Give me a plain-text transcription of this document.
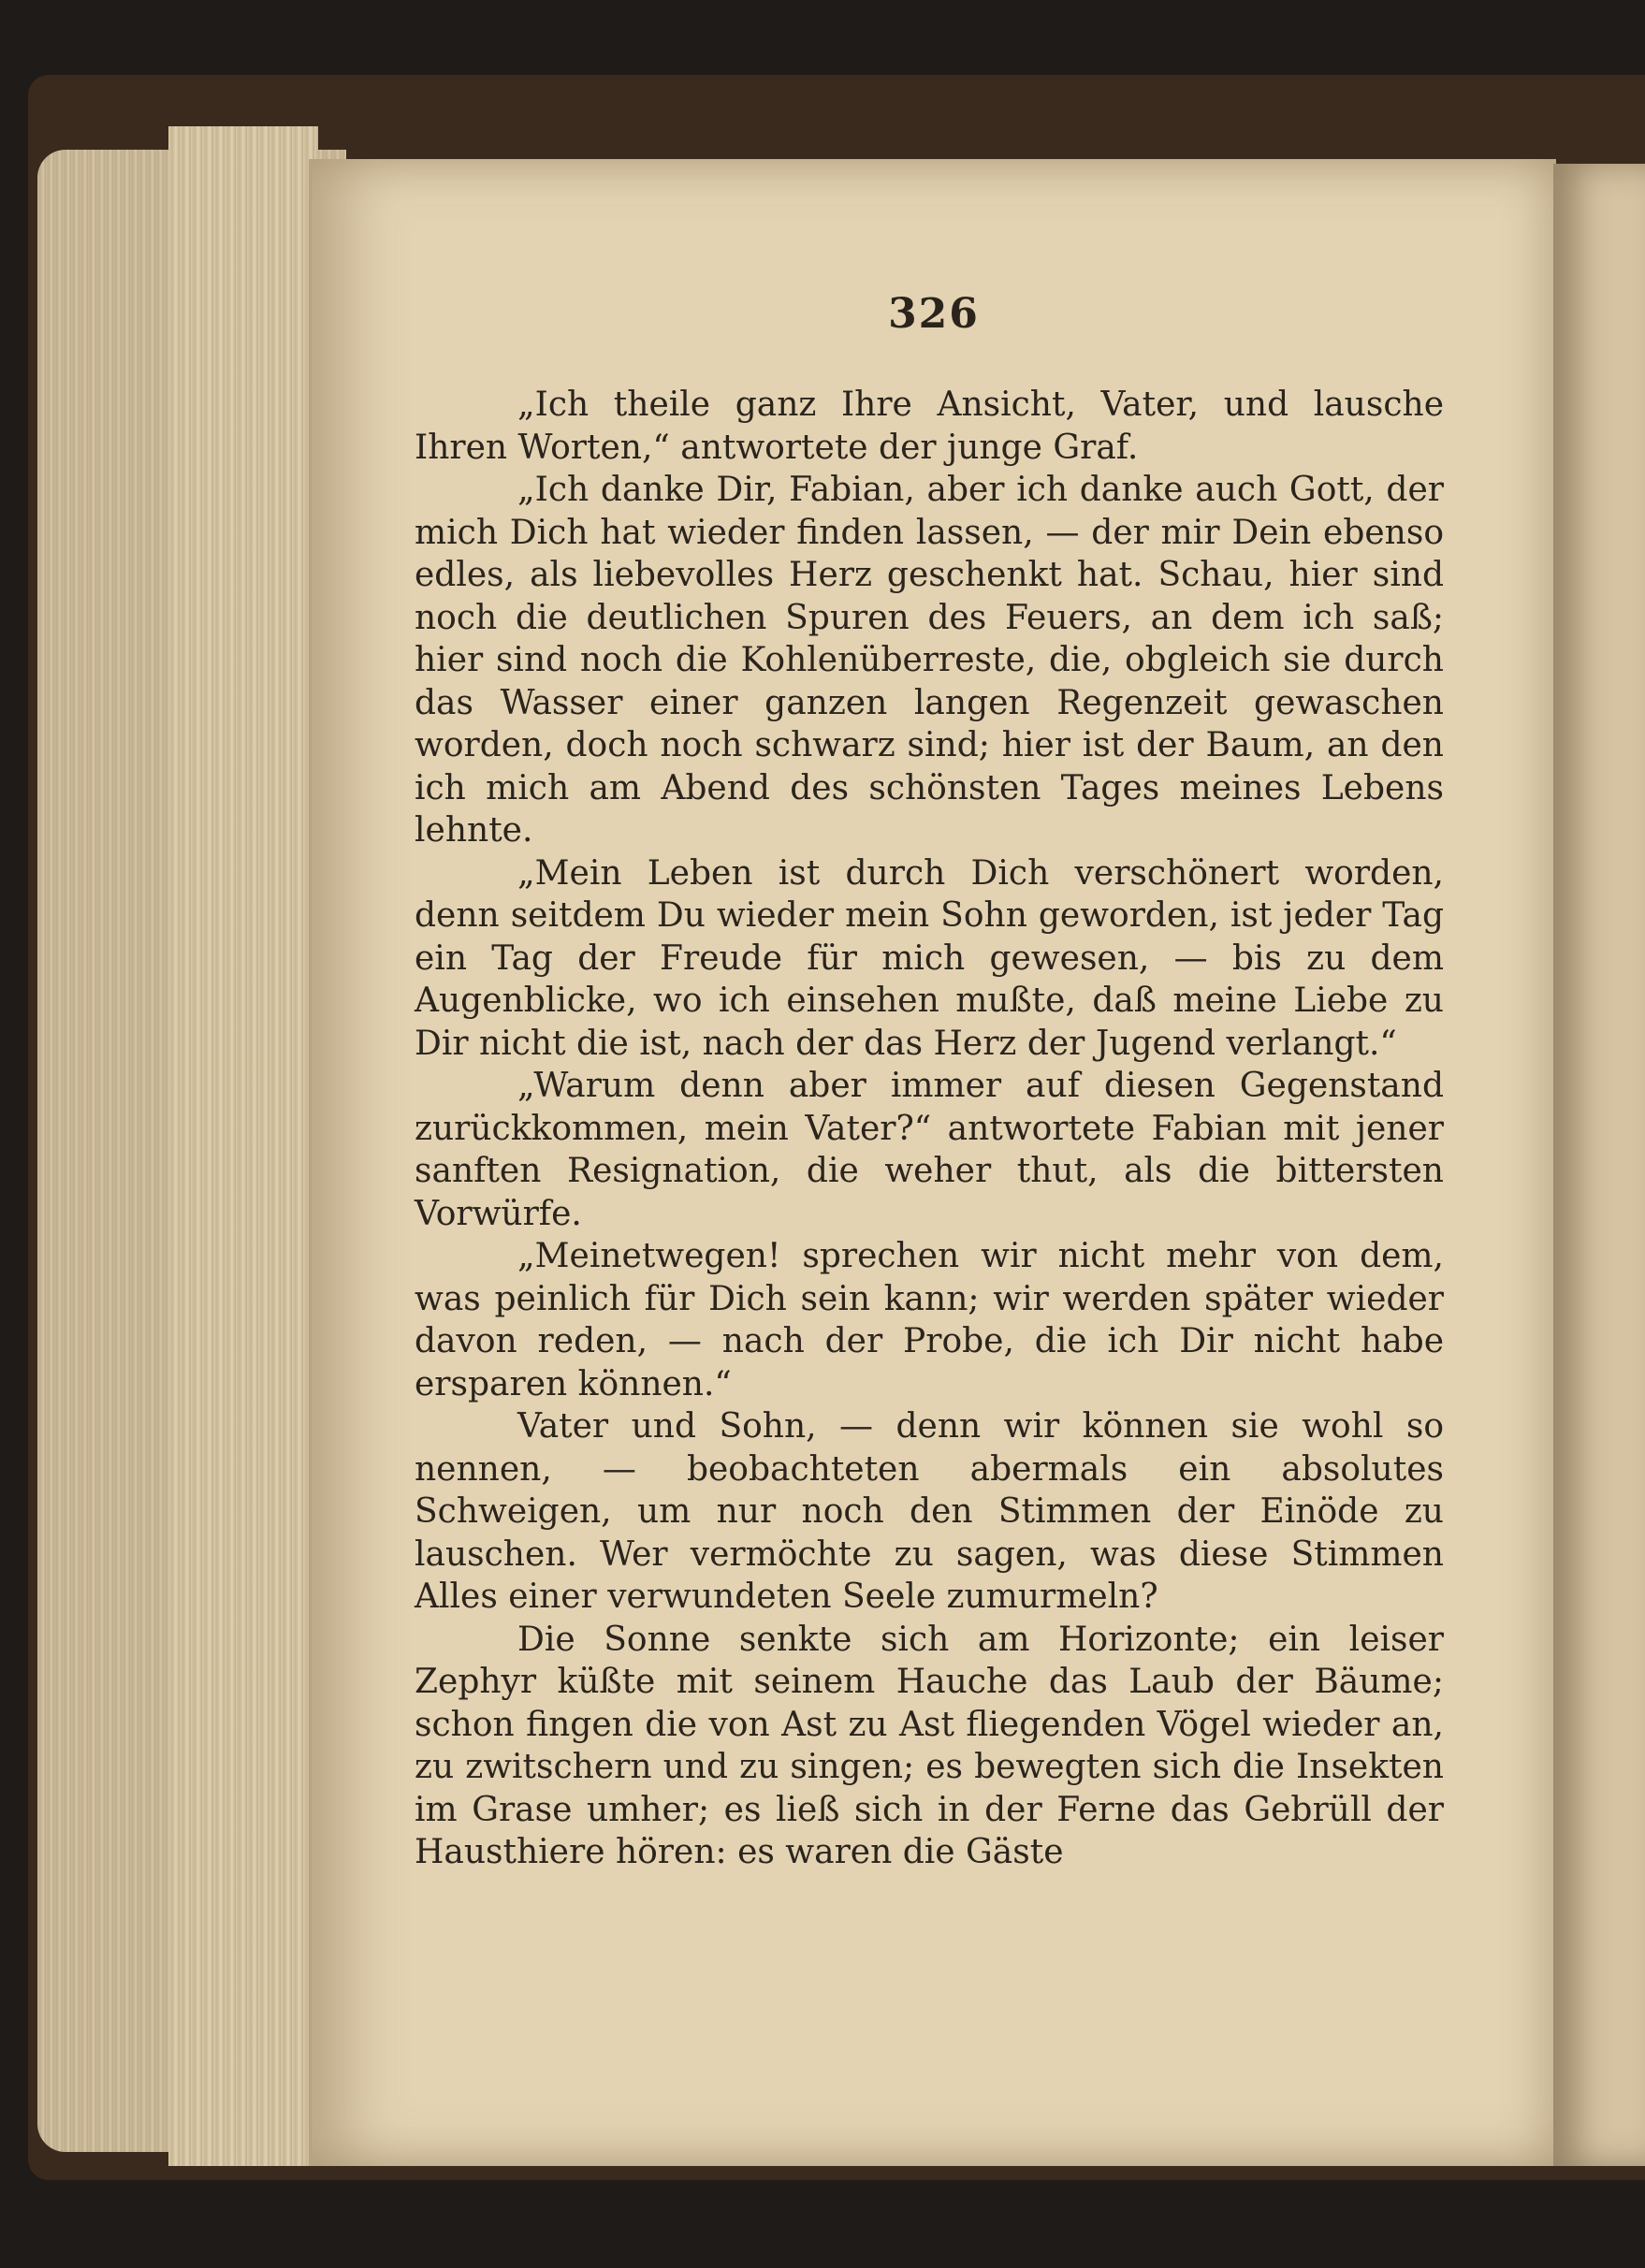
326

„Ich theile ganz Ihre Ansicht, Vater, und lausche Ihren Worten,“ antwortete der junge Graf.

„Ich danke Dir, Fabian, aber ich danke auch Gott, der mich Dich hat wieder finden lassen, — der mir Dein ebenso edles, als liebevolles Herz geschenkt hat. Schau, hier sind noch die deutlichen Spuren des Feuers, an dem ich saß; hier sind noch die Kohlenüberreste, die, obgleich sie durch das Wasser einer ganzen langen Regenzeit gewaschen worden, doch noch schwarz sind; hier ist der Baum, an den ich mich am Abend des schönsten Tages meines Lebens lehnte.

„Mein Leben ist durch Dich verschönert worden, denn seitdem Du wieder mein Sohn geworden, ist jeder Tag ein Tag der Freude für mich gewesen, — bis zu dem Augenblicke, wo ich einsehen mußte, daß meine Liebe zu Dir nicht die ist, nach der das Herz der Jugend verlangt.“

„Warum denn aber immer auf diesen Gegenstand zurückkommen, mein Vater?“ antwortete Fabian mit jener sanften Resignation, die weher thut, als die bittersten Vorwürfe.

„Meinetwegen! sprechen wir nicht mehr von dem, was peinlich für Dich sein kann; wir werden später wieder davon reden, — nach der Probe, die ich Dir nicht habe ersparen können.“

Vater und Sohn, — denn wir können sie wohl so nennen, — beobachteten abermals ein absolutes Schweigen, um nur noch den Stimmen der Einöde zu lauschen. Wer vermöchte zu sagen, was diese Stimmen Alles einer verwundeten Seele zumurmeln?

Die Sonne senkte sich am Horizonte; ein leiser Zephyr küßte mit seinem Hauche das Laub der Bäume; schon fingen die von Ast zu Ast fliegenden Vögel wieder an, zu zwitschern und zu singen; es bewegten sich die Insekten im Grase umher; es ließ sich in der Ferne das Gebrüll der Hausthiere hören: es waren die Gäste
